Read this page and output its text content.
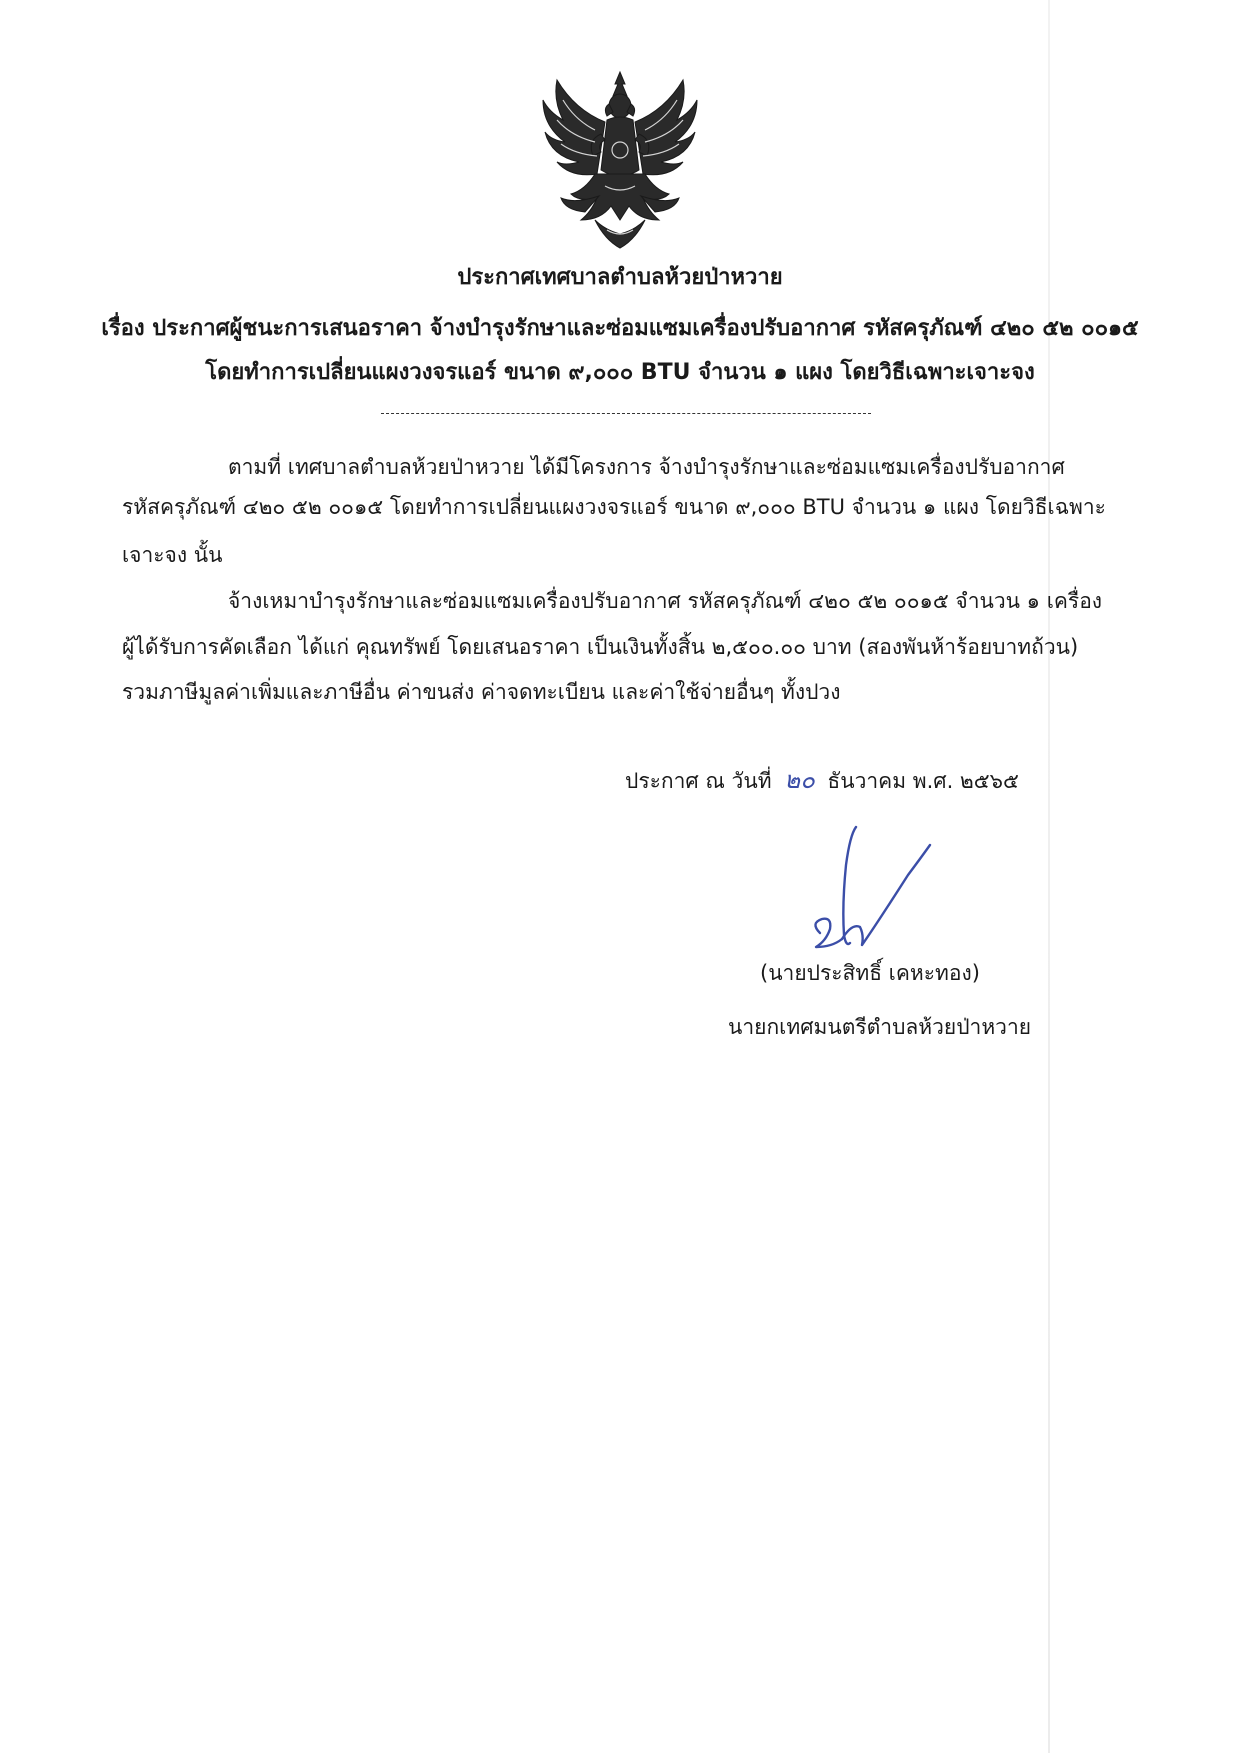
ประกาศเทศบาลตำบลห้วยป่าหวาย
เรื่อง ประกาศผู้ชนะการเสนอราคา จ้างบำรุงรักษาและซ่อมแซมเครื่องปรับอากาศ รหัสครุภัณฑ์ ๔๒๐ ๕๒ ๐๐๑๕
โดยทำการเปลี่ยนแผงวงจรแอร์ ขนาด ๙,๐๐๐ BTU จำนวน ๑ แผง โดยวิธีเฉพาะเจาะจง
ตามที่ เทศบาลตำบลห้วยป่าหวาย ได้มีโครงการ จ้างบำรุงรักษาและซ่อมแซมเครื่องปรับอากาศ
รหัสครุภัณฑ์ ๔๒๐ ๕๒ ๐๐๑๕ โดยทำการเปลี่ยนแผงวงจรแอร์ ขนาด ๙,๐๐๐ BTU จำนวน ๑ แผง โดยวิธีเฉพาะ
เจาะจง นั้น
จ้างเหมาบำรุงรักษาและซ่อมแซมเครื่องปรับอากาศ รหัสครุภัณฑ์ ๔๒๐ ๕๒ ๐๐๑๕ จำนวน ๑ เครื่อง
ผู้ได้รับการคัดเลือก ได้แก่ คุณทรัพย์ โดยเสนอราคา เป็นเงินทั้งสิ้น ๒,๕๐๐.๐๐ บาท (สองพันห้าร้อยบาทถ้วน)
รวมภาษีมูลค่าเพิ่มและภาษีอื่น ค่าขนส่ง ค่าจดทะเบียน และค่าใช้จ่ายอื่นๆ ทั้งปวง
ประกาศ ณ วันที่ ๒๐ ธันวาคม พ.ศ. ๒๕๖๕
(นายประสิทธิ์ เคหะทอง)
นายกเทศมนตรีตำบลห้วยป่าหวาย
